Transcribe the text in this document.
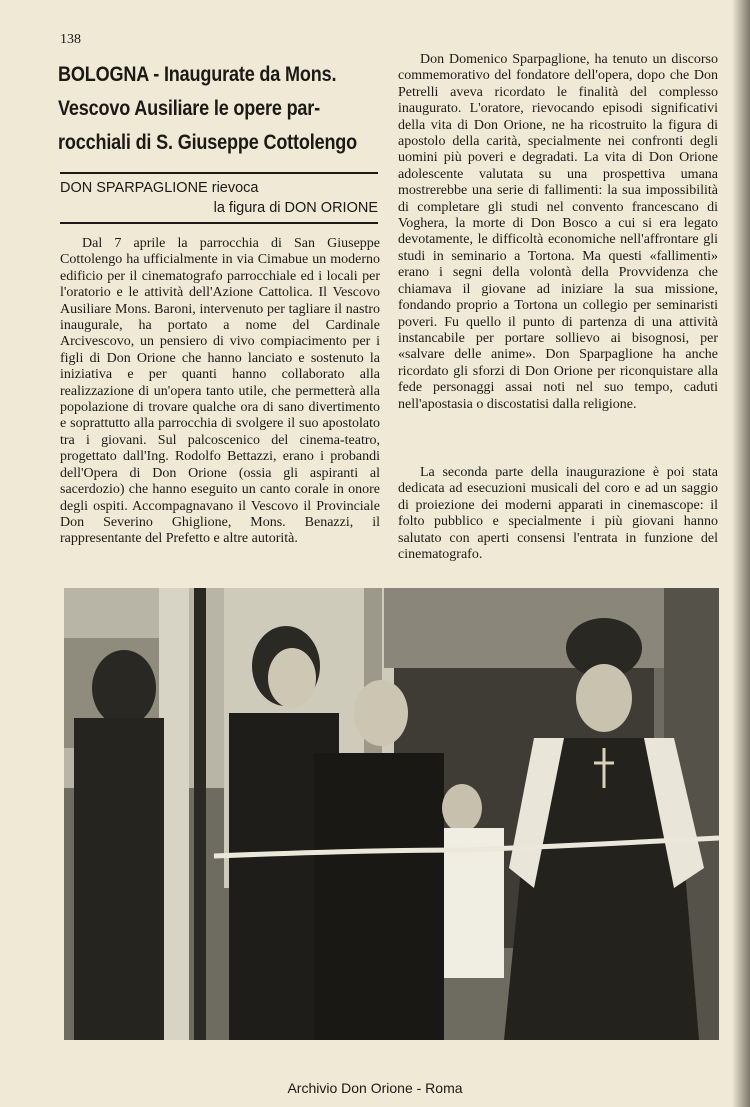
138
BOLOGNA - Inaugurate da Mons.
Vescovo Ausiliare le opere par-
rocchiali di S. Giuseppe Cottolengo
DON SPARPAGLIONE rievoca
la figura di DON ORIONE

Dal 7 aprile la parrocchia di San Giuseppe Cottolengo ha ufficialmente in via Cimabue un moderno edificio per il cinematografo parrocchiale ed i locali per l'oratorio e le attività dell'Azione Cattolica. Il Vescovo Ausiliare Mons. Baroni, intervenuto per tagliare il nastro inaugurale, ha portato a nome del Cardinale Arcivescovo, un pensiero di vivo compiacimento per i figli di Don Orione che hanno lanciato e sostenuto la iniziativa e per quanti hanno collaborato alla realizzazione di un'opera tanto utile, che permetterà alla popolazione di trovare qualche ora di sano divertimento e soprattutto alla parrocchia di svolgere il suo apostolato tra i giovani. Sul palcoscenico del cinema-teatro, progettato dall'Ing. Rodolfo Bettazzi, erano i probandi dell'Opera di Don Orione (ossia gli aspiranti al sacerdozio) che hanno eseguito un canto corale in onore degli ospiti. Accompagnavano il Vescovo il Provinciale Don Severino Ghiglione, Mons. Benazzi, il rappresentante del Prefetto e altre autorità.

Don Domenico Sparpaglione, ha tenuto un discorso commemorativo del fondatore dell'opera, dopo che Don Petrelli aveva ricordato le finalità del complesso inaugurato. L'oratore, rievocando episodi significativi della vita di Don Orione, ne ha ricostruito la figura di apostolo della carità, specialmente nei confronti degli uomini più poveri e degradati. La vita di Don Orione adolescente valutata su una prospettiva umana mostrerebbe una serie di fallimenti: la sua impossibilità di completare gli studi nel convento francescano di Voghera, la morte di Don Bosco a cui si era legato devotamente, le difficoltà economiche nell'affrontare gli studi in seminario a Tortona. Ma questi «fallimenti» erano i segni della volontà della Provvidenza che chiamava il giovane ad iniziare la sua missione, fondando proprio a Tortona un collegio per seminaristi poveri. Fu quello il punto di partenza di una attività instancabile per portare sollievo ai bisognosi, per «salvare delle anime». Don Sparpaglione ha anche ricordato gli sforzi di Don Orione per riconquistare alla fede personaggi assai noti nel suo tempo, caduti nell'apostasia o discostatisi dalla religione.

La seconda parte della inaugurazione è poi stata dedicata ad esecuzioni musicali del coro e ad un saggio di proiezione dei moderni apparati in cinemascope: il folto pubblico e specialmente i più giovani hanno salutato con aperti consensi l'entrata in funzione del cinematografo.

Archivio Don Orione - Roma
